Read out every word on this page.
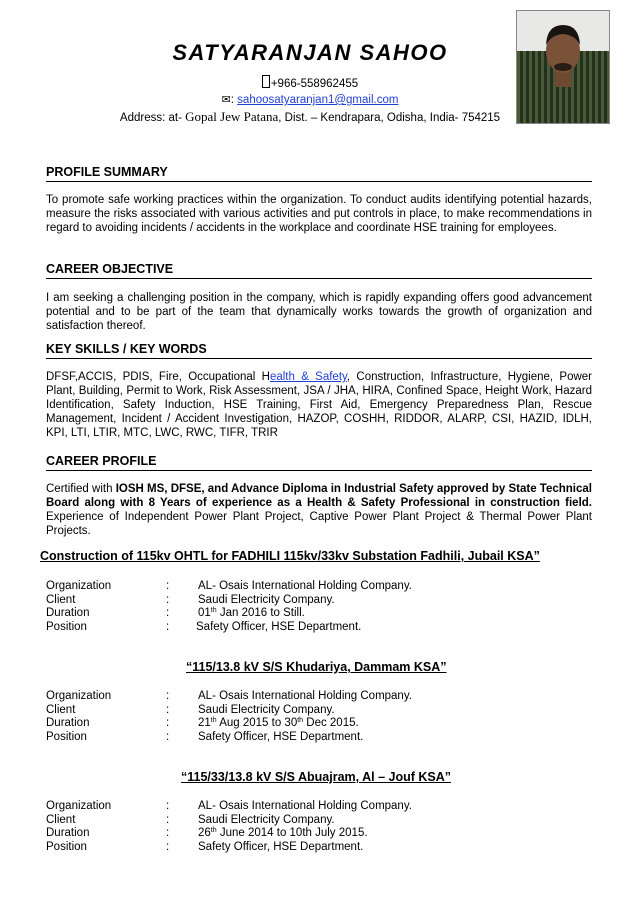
SATYARANJAN SAHOO
+966-558962455
✉: sahoosatyaranjan1@gmail.com
Address: at- Gopal Jew Patana, Dist. – Kendrapara, Odisha, India- 754215
PROFILE SUMMARY
To promote safe working practices within the organization. To conduct audits identifying potential hazards, measure the risks associated with various activities and put controls in place, to make recommendations in regard to avoiding incidents / accidents in the workplace and coordinate HSE training for employees.
CAREER OBJECTIVE
I am seeking a challenging position in the company, which is rapidly expanding offers good advancement potential and to be part of the team that dynamically works towards the growth of organization and satisfaction thereof.
KEY SKILLS / KEY WORDS
DFSF,ACCIS, PDIS, Fire, Occupational Health & Safety, Construction, Infrastructure, Hygiene, Power Plant, Building, Permit to Work, Risk Assessment, JSA / JHA, HIRA, Confined Space, Height Work, Hazard Identification, Safety Induction, HSE Training, First Aid, Emergency Preparedness Plan, Rescue Management, Incident / Accident Investigation, HAZOP, COSHH, RIDDOR, ALARP, CSI, HAZID, IDLH, KPI, LTI, LTIR, MTC, LWC, RWC, TIFR, TRIR
CAREER PROFILE
Certified with IOSH MS, DFSE, and Advance Diploma in Industrial Safety approved by State Technical Board along with 8 Years of experience as a Health & Safety Professional in construction field. Experience of Independent Power Plant Project, Captive Power Plant Project & Thermal Power Plant Projects.
Construction of 115kv OHTL for FADHILI 115kv/33kv Substation Fadhili, Jubail KSA”
Organization	:	AL- Osais International Holding Company.
Client	:	Saudi Electricity Company.
Duration	:	01th Jan 2016 to Still.
Position	: Safety Officer, HSE Department.
“115/13.8 kV S/S Khudariya, Dammam KSA”
Organization	:	AL- Osais International Holding Company.
Client	:	Saudi Electricity Company.
Duration	:	21th Aug 2015 to 30th Dec 2015.
Position	:	Safety Officer, HSE Department.
“115/33/13.8 kV S/S Abuajram, Al – Jouf KSA”
Organization	:	AL- Osais International Holding Company.
Client	:	Saudi Electricity Company.
Duration	:	26th June 2014 to 10th July 2015.
Position	:	Safety Officer, HSE Department.
